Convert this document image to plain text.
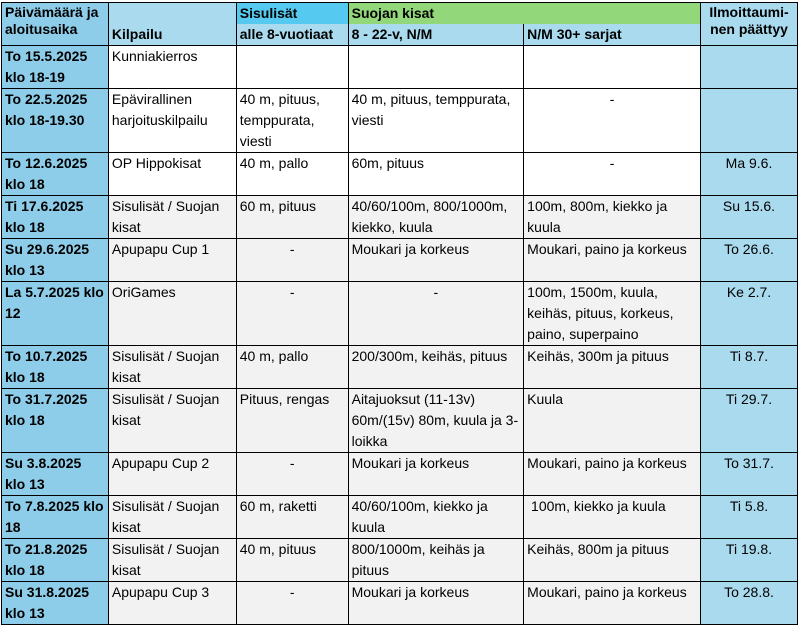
Päivämäärä ja aloitusaika	Kilpailu	Sisulisät	Suojan kisat		Ilmoittaumi-nen päättyy
		alle 8-vuotiaat	8 - 22-v, N/M	N/M 30+ sarjat	
To 15.5.2025 klo 18-19	Kunniakierros				
To 22.5.2025 klo 18-19.30	Epävirallinen harjoituskilpailu	40 m, pituus, temppurata, viesti	40 m, pituus, temppurata, viesti	-	
To 12.6.2025 klo 18	OP Hippokisat	40 m, pallo	60m, pituus	-	Ma 9.6.
Ti 17.6.2025 klo 18	Sisulisät / Suojan kisat	60 m, pituus	40/60/100m, 800/1000m, kiekko, kuula	100m, 800m, kiekko ja kuula	Su 15.6.
Su 29.6.2025 klo 13	Apupapu Cup 1	-	Moukari ja korkeus	Moukari, paino ja korkeus	To 26.6.
La 5.7.2025 klo 12	OriGames	-	-	100m, 1500m, kuula, keihäs, pituus, korkeus, paino, superpaino	Ke 2.7.
To 10.7.2025 klo 18	Sisulisät / Suojan kisat	40 m, pallo	200/300m, keihäs, pituus	Keihäs, 300m ja pituus	Ti 8.7.
To 31.7.2025 klo 18	Sisulisät / Suojan kisat	Pituus, rengas	Aitajuoksut (11-13v) 60m/(15v) 80m, kuula ja 3-loikka	Kuula	Ti 29.7.
Su 3.8.2025 klo 13	Apupapu Cup 2	-	Moukari ja korkeus	Moukari, paino ja korkeus	To 31.7.
To 7.8.2025 klo 18	Sisulisät / Suojan kisat	60 m, raketti	40/60/100m, kiekko ja kuula	100m, kiekko ja kuula	Ti 5.8.
To 21.8.2025 klo 18	Sisulisät / Suojan kisat	40 m, pituus	800/1000m, keihäs ja pituus	Keihäs, 800m ja pituus	Ti 19.8.
Su 31.8.2025 klo 13	Apupapu Cup 3	-	Moukari ja korkeus	Moukari, paino ja korkeus	To 28.8.
